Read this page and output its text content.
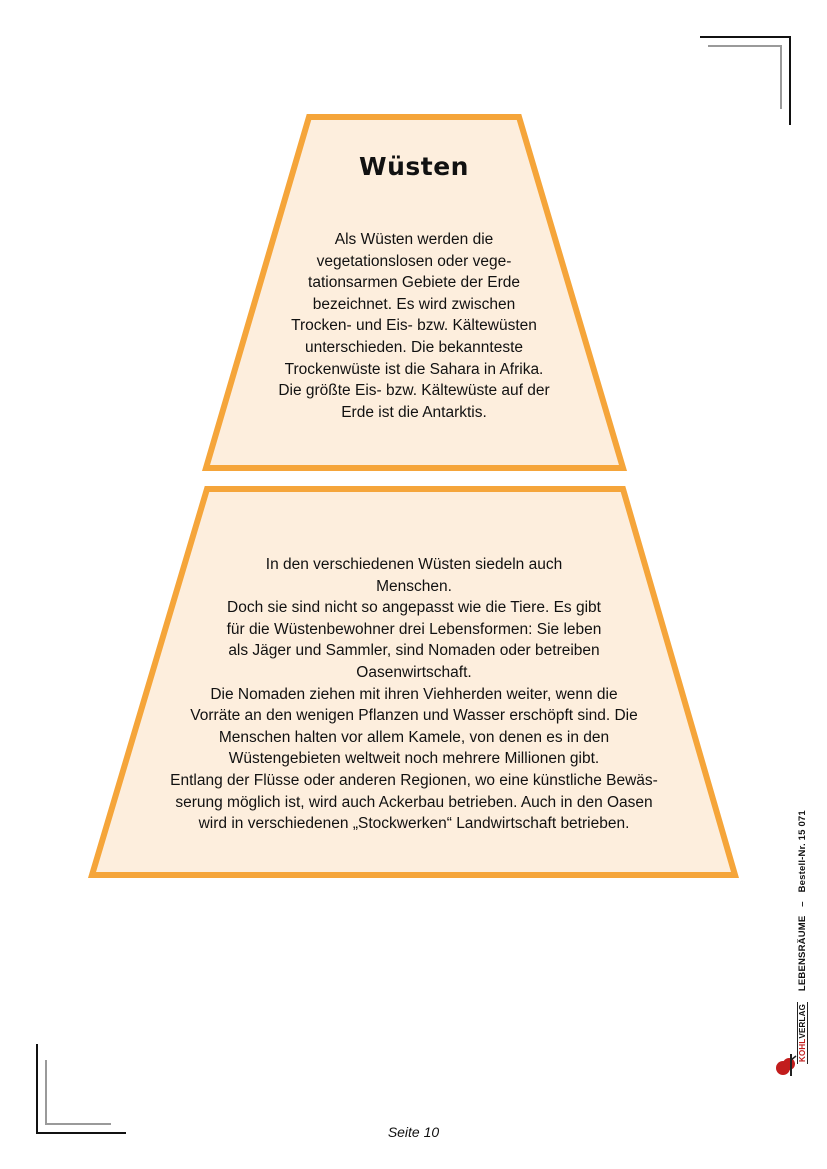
Wüsten
Als Wüsten werden die
vegetationslosen oder vege-
tationsarmen Gebiete der Erde
bezeichnet. Es wird zwischen
Trocken- und Eis- bzw. Kältewüsten
unterschieden. Die bekannteste
Trockenwüste ist die Sahara in Afrika.
Die größte Eis- bzw. Kältewüste auf der
Erde ist die Antarktis.
In den verschiedenen Wüsten siedeln auch
Menschen.
Doch sie sind nicht so angepasst wie die Tiere. Es gibt
für die Wüstenbewohner drei Lebensformen: Sie leben
als Jäger und Sammler, sind Nomaden oder betreiben
Oasenwirtschaft.
Die Nomaden ziehen mit ihren Viehherden weiter, wenn die
Vorräte an den wenigen Pflanzen und Wasser erschöpft sind. Die
Menschen halten vor allem Kamele, von denen es in den
Wüstengebieten weltweit noch mehrere Millionen gibt.
Entlang der Flüsse oder anderen Regionen, wo eine künstliche Bewäs-
serung möglich ist, wird auch Ackerbau betrieben. Auch in den Oasen
wird in verschiedenen „Stockwerken“ Landwirtschaft betrieben.
KOHLVERLAG LEBENSRÄUME – Bestell-Nr. 15 071
Seite 10
